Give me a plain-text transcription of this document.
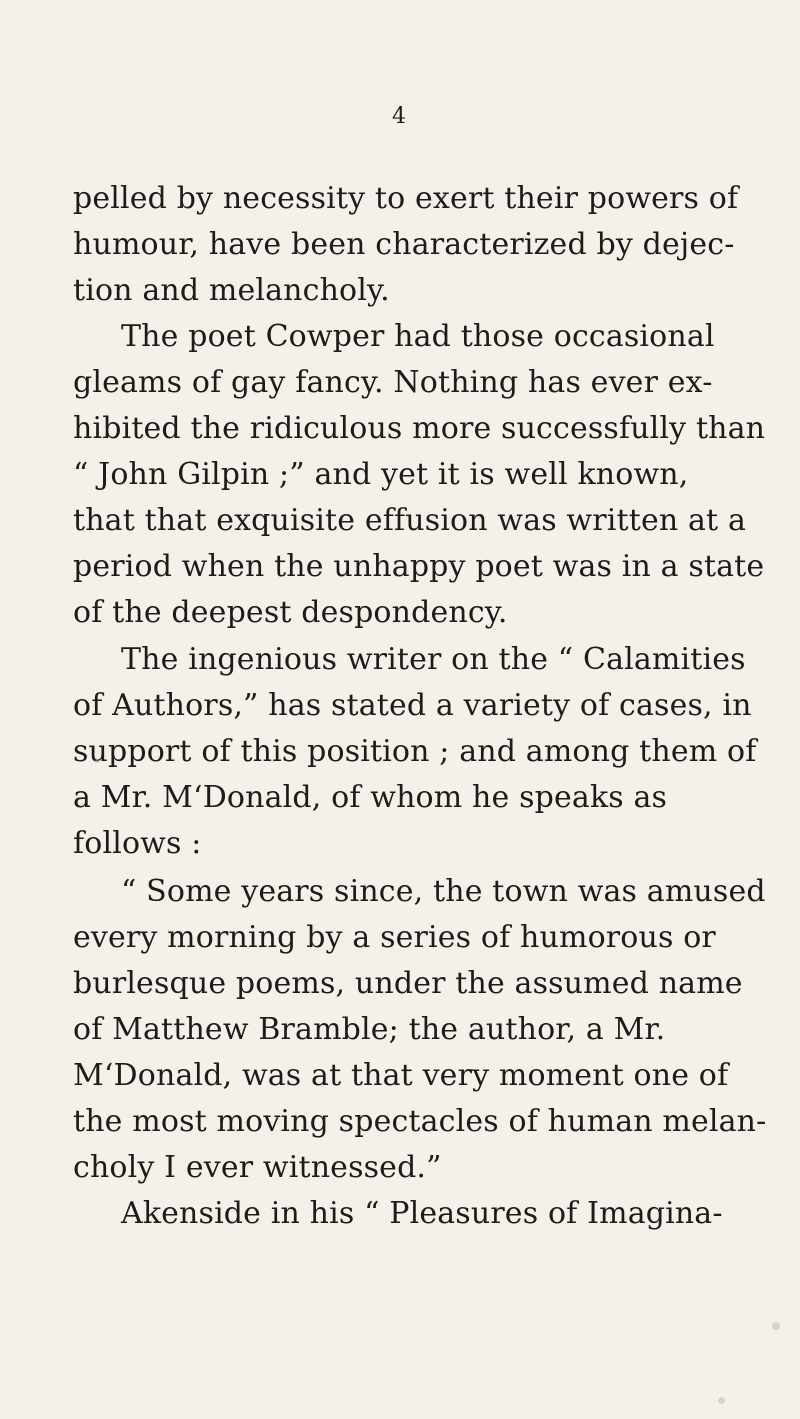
4
pelled by necessity to exert their powers of
humour, have been characterized by dejec-
tion and melancholy.
The poet Cowper had those occasional
gleams of gay fancy. Nothing has ever ex-
hibited the ridiculous more successfully than
“ John Gilpin ;” and yet it is well known,
that that exquisite effusion was written at a
period when the unhappy poet was in a state
of the deepest despondency.
The ingenious writer on the “ Calamities
of Authors,” has stated a variety of cases, in
support of this position ; and among them of
a Mr. M‘Donald, of whom he speaks as
follows :
“ Some years since, the town was amused
every morning by a series of humorous or
burlesque poems, under the assumed name
of Matthew Bramble; the author, a Mr.
M‘Donald, was at that very moment one of
the most moving spectacles of human melan-
choly I ever witnessed.”
Akenside in his “ Pleasures of Imagina-
